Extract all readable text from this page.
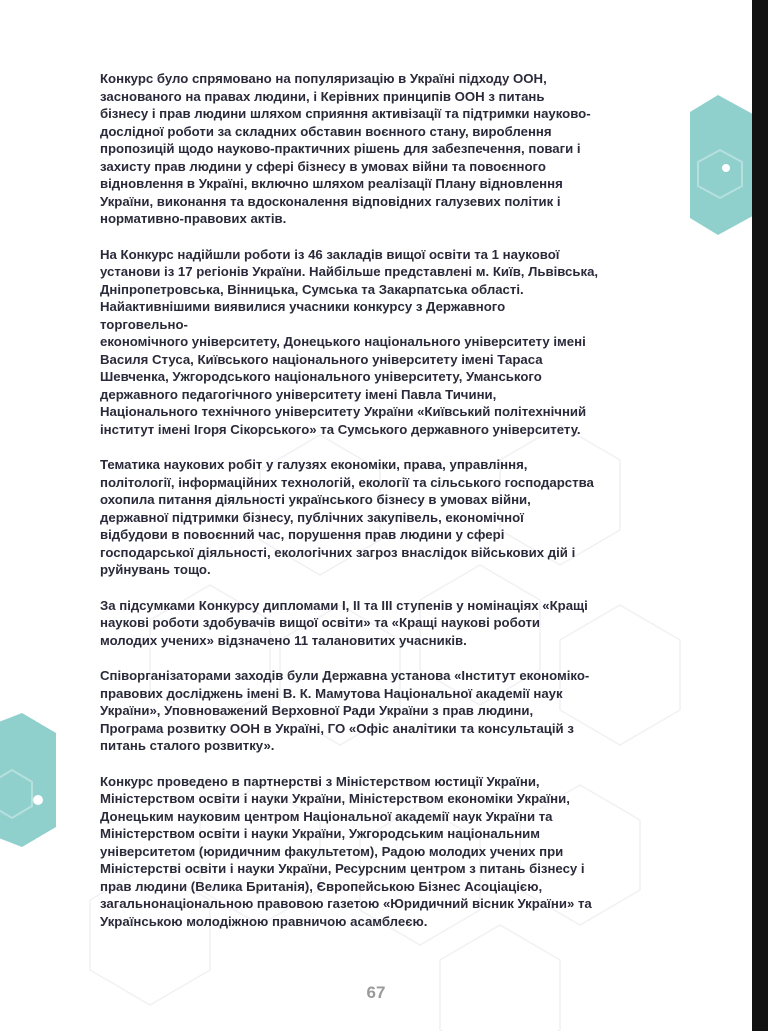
Конкурс було спрямовано на популяризацію в Україні підходу ООН,
заснованого на правах людини, і Керівних принципів ООН з питань
бізнесу і прав людини шляхом сприяння активізації та підтримки науково-
дослідної роботи за складних обставин воєнного стану, вироблення
пропозицій щодо науково-практичних рішень для забезпечення, поваги і
захисту прав людини у сфері бізнесу в умовах війни та повоєнного
відновлення в Україні, включно шляхом реалізації Плану відновлення
України, виконання та вдосконалення відповідних галузевих політик і
нормативно-правових актів.

На Конкурс надійшли роботи із 46 закладів вищої освіти та 1 наукової
установи із 17 регіонів України. Найбільше представлені м. Київ, Львівська,
Дніпропетровська, Вінницька, Сумська та Закарпатська області.
Найактивнішими виявилися учасники конкурсу з Державного
торговельно-
економічного університету, Донецького національного університету імені
Василя Стуса, Київського національного університету імені Тараса
Шевченка, Ужгородського національного університету, Уманського
державного педагогічного університету імені Павла Тичини,
Національного технічного університету України «Київський політехнічний
інститут імені Ігоря Сікорського» та Сумського державного університету.

Тематика наукових робіт у галузях економіки, права, управління,
політології, інформаційних технологій, екології та сільського господарства
охопила питання діяльності українського бізнесу в умовах війни,
державної підтримки бізнесу, публічних закупівель, економічної
відбудови в повоєнний час, порушення прав людини у сфері
господарської діяльності, екологічних загроз внаслідок військових дій і
руйнувань тощо.

За підсумками Конкурсу дипломами I, II та III ступенів у номінаціях «Кращі
наукові роботи здобувачів вищої освіти» та «Кращі наукові роботи
молодих учених» відзначено 11 талановитих учасників.

Співорганізаторами заходів були Державна установа «Інститут економіко-
правових досліджень імені В. К. Мамутова Національної академії наук
України», Уповноважений Верховної Ради України з прав людини,
Програма розвитку ООН в Україні, ГО «Офіс аналітики та консультацій з
питань сталого розвитку».

Конкурс проведено в партнерстві з Міністерством юстиції України,
Міністерством освіти і науки України, Міністерством економіки України,
Донецьким науковим центром Національної академії наук України та
Міністерством освіти і науки України, Ужгородським національним
університетом (юридичним факультетом), Радою молодих учених при
Міністерстві освіти і науки України, Ресурсним центром з питань бізнесу і
прав людини (Велика Британія), Європейською Бізнес Асоціацією,
загальнонаціональною правовою газетою «Юридичний вісник України» та
Українською молодіжною правничою асамблеєю.

67
